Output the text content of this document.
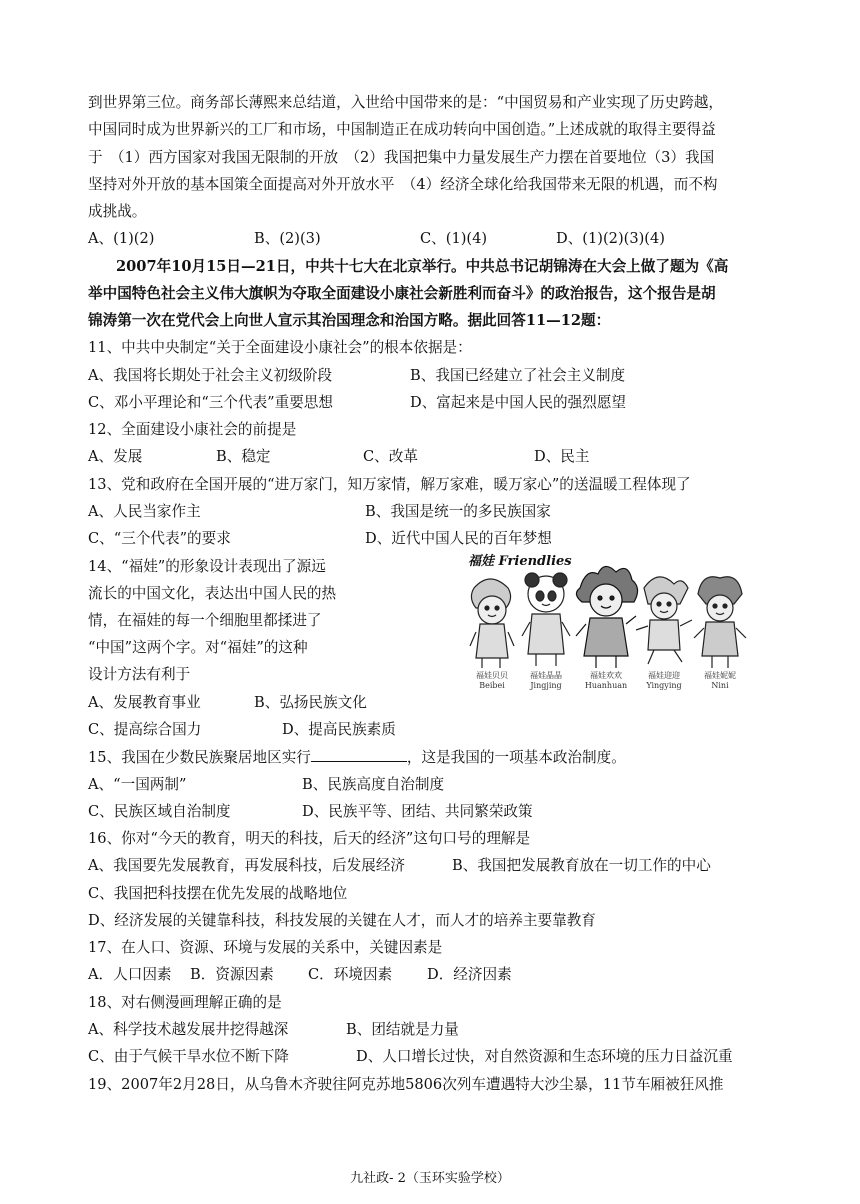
到世界第三位。商务部长薄熙来总结道，入世给中国带来的是：“中国贸易和产业实现了历史跨越，
中国同时成为世界新兴的工厂和市场，中国制造正在成功转向中国创造。”上述成就的取得主要得益
于　（1）西方国家对我国无限制的开放　（2）我国把集中力量发展生产力摆在首要地位（3）我国
坚持对外开放的基本国策全面提高对外开放水平　（4）经济全球化给我国带来无限的机遇，而不构
成挑战。
A、(1)(2)	B、(2)(3)	C、(1)(4)	D、(1)(2)(3)(4)
2007年10月15日—21日，中共十七大在北京举行。中共总书记胡锦涛在大会上做了题为《高
举中国特色社会主义伟大旗帜为夺取全面建设小康社会新胜利而奋斗》的政治报告，这个报告是胡
锦涛第一次在党代会上向世人宣示其治国理念和治国方略。据此回答11—12题：
11、中共中央制定“关于全面建设小康社会”的根本依据是：
A、我国将长期处于社会主义初级阶段	B、我国已经建立了社会主义制度
C、邓小平理论和“三个代表”重要思想	D、富起来是中国人民的强烈愿望
12、全面建设小康社会的前提是
A、发展	B、稳定	C、改革	D、民主
13、党和政府在全国开展的“进万家门，知万家情，解万家难，暖万家心”的送温暖工程体现了
A、人民当家作主	B、我国是统一的多民族国家
C、“三个代表”的要求	D、近代中国人民的百年梦想
14、“福娃”的形象设计表现出了源远
流长的中国文化，表达出中国人民的热
情，在福娃的每一个细胞里都揉进了
“中国”这两个字。对“福娃”的这种
设计方法有利于
A、发展教育事业	B、弘扬民族文化
C、提高综合国力	D、提高民族素质
福娃 Friendlies
福娃贝贝 Beibei
福娃晶晶 Jingjing
福娃欢欢 Huanhuan
福娃迎迎 Yingying
福娃妮妮 Nini
15、我国在少数民族聚居地区实行	，这是我国的一项基本政治制度。
A、“一国两制”	B、民族高度自治制度
C、民族区域自治制度	D、民族平等、团结、共同繁荣政策
16、你对“今天的教育，明天的科技，后天的经济”这句口号的理解是
A、我国要先发展教育，再发展科技，后发展经济	B、我国把发展教育放在一切工作的中心
C、我国把科技摆在优先发展的战略地位
D、经济发展的关键靠科技，科技发展的关键在人才，而人才的培养主要靠教育
17、在人口、资源、环境与发展的关系中，关键因素是
A．人口因素 B．资源因素 C．环境因素 D．经济因素
18、对右侧漫画理解正确的是
A、科学技术越发展井挖得越深	B、团结就是力量
C、由于气候干旱水位不断下降	D、人口增长过快，对自然资源和生态环境的压力日益沉重
19、2007年2月28日，从乌鲁木齐驶往阿克苏地5806次列车遭遇特大沙尘暴，11节车厢被狂风推
九社政- 2（玉环实验学校）
